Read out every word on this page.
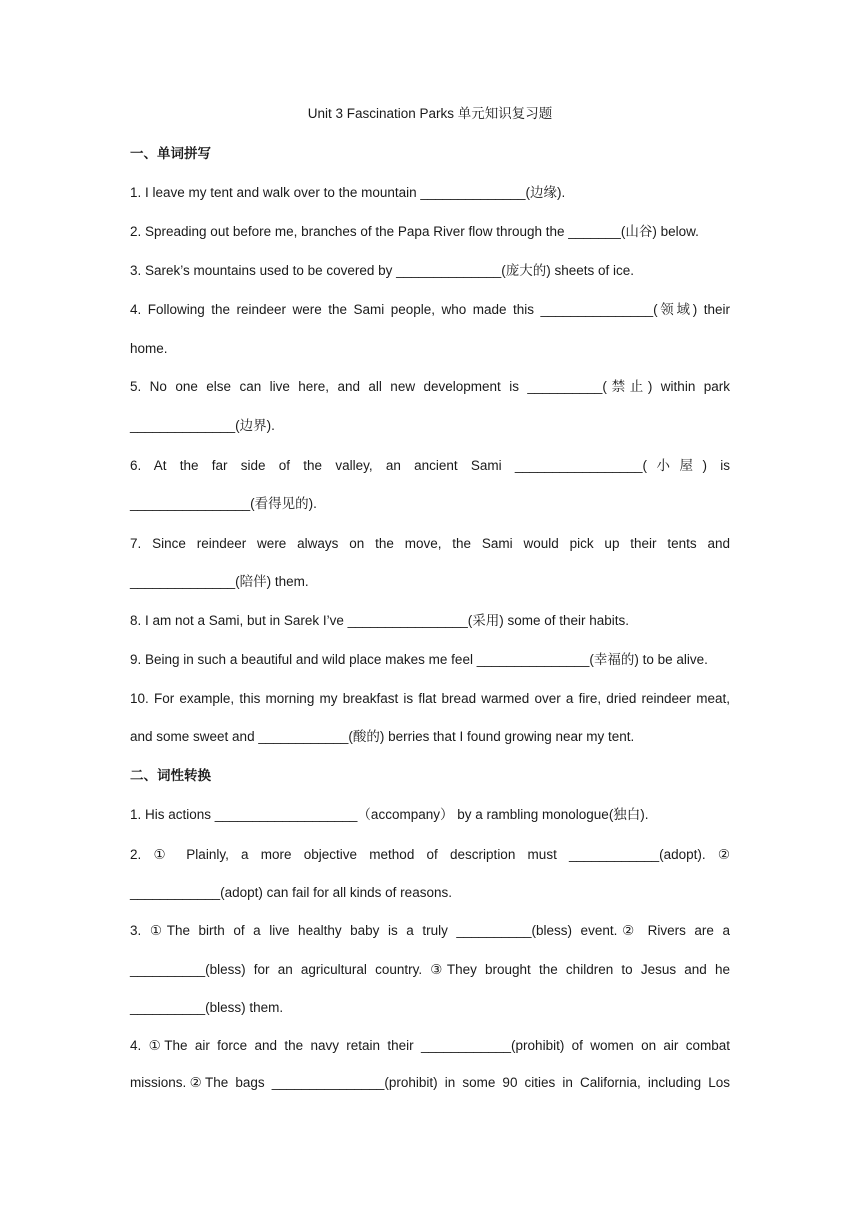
Unit 3 Fascination Parks 单元知识复习题
一、单词拼写
1. I leave my tent and walk over to the mountain ______________(边缘).
2. Spreading out before me, branches of the Papa River flow through the _______(山谷) below.
3. Sarek’s mountains used to be covered by ______________(庞大的) sheets of ice.
4. Following the reindeer were the Sami people, who made this _______________(领域) their
home.
5. No one else can live here, and all new development is __________(禁止) within park
______________(边界).
6. At the far side of the valley, an ancient Sami _________________(小屋) is
________________(看得见的).
7. Since reindeer were always on the move, the Sami would pick up their tents and
______________(陪伴) them.
8. I am not a Sami, but in Sarek I’ve ________________(采用) some of their habits.
9. Being in such a beautiful and wild place makes me feel _______________(幸福的) to be alive.
10. For example, this morning my breakfast is flat bread warmed over a fire, dried reindeer meat,
and some sweet and ____________(酸的) berries that I found growing near my tent.
二、词性转换
1. His actions ___________________（accompany） by a rambling monologue(独白).
2. ① Plainly, a more objective method of description must ____________(adopt). ②
____________(adopt) can fail for all kinds of reasons.
3. ①The birth of a live healthy baby is a truly __________(bless) event.② Rivers are a
__________(bless) for an agricultural country. ③They brought the children to Jesus and he
__________(bless) them.
4. ①The air force and the navy retain their ____________(prohibit) of women on air combat
missions.②The bags _______________(prohibit) in some 90 cities in California, including Los
